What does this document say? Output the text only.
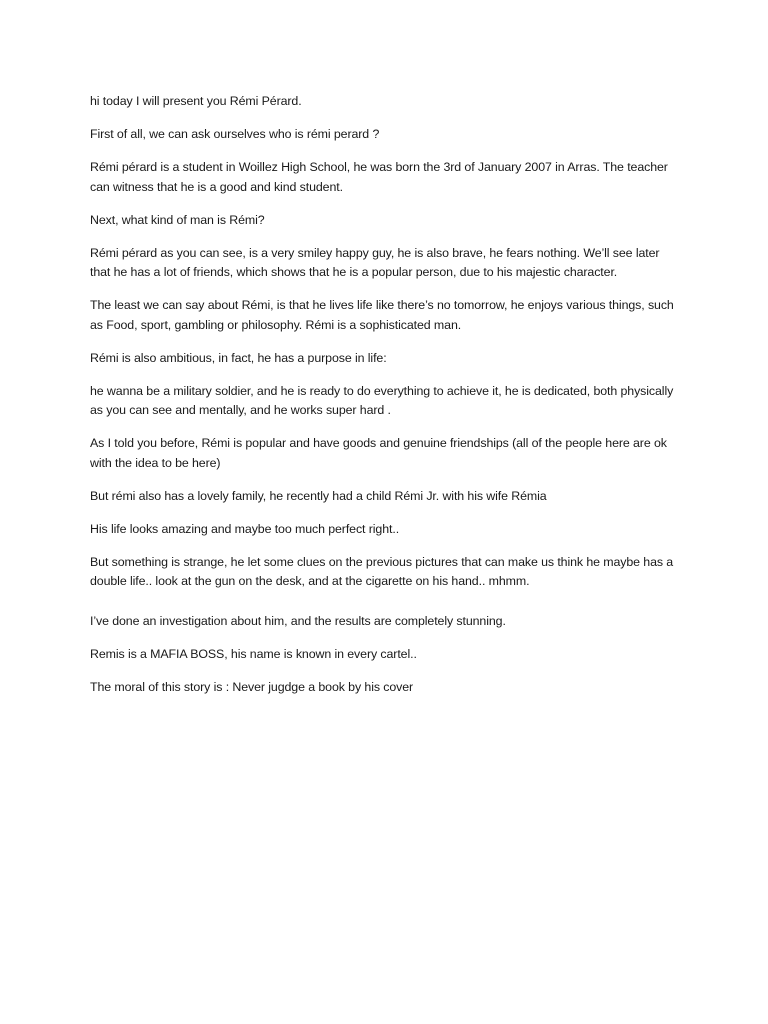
hi today I will present you Rémi Pérard.

First of all, we can ask ourselves who is rémi perard ?

Rémi pérard is a student in Woillez High School, he was born the 3rd of January 2007 in Arras. The teacher can witness that he is a good and kind student.

Next, what kind of man is Rémi?

Rémi pérard as you can see, is a very smiley happy guy, he is also brave, he fears nothing. We’ll see later that he has a lot of friends, which shows that he is a popular person, due to his majestic character.

The least we can say about Rémi, is that he lives life like there’s no tomorrow, he enjoys various things, such as Food, sport, gambling or philosophy. Rémi is a sophisticated man.

Rémi is also ambitious, in fact, he has a purpose in life:

he wanna be a military soldier, and he is ready to do everything to achieve it, he is dedicated, both physically as you can see and mentally, and he works super hard .

As I told you before, Rémi is popular and have goods and genuine friendships (all of the people here are ok with the idea to be here)

But rémi also has a lovely family, he recently had a child Rémi Jr. with his wife Rémia

His life looks amazing and maybe too much perfect right..

But something is strange, he let some clues on the previous pictures that can make us think he maybe has a double life.. look at the gun on the desk, and at the cigarette on his hand.. mhmm.

I’ve done an investigation about him, and the results are completely stunning.

Remis is a MAFIA BOSS, his name is known in every cartel..

The moral of this story is : Never jugdge a book by his cover
